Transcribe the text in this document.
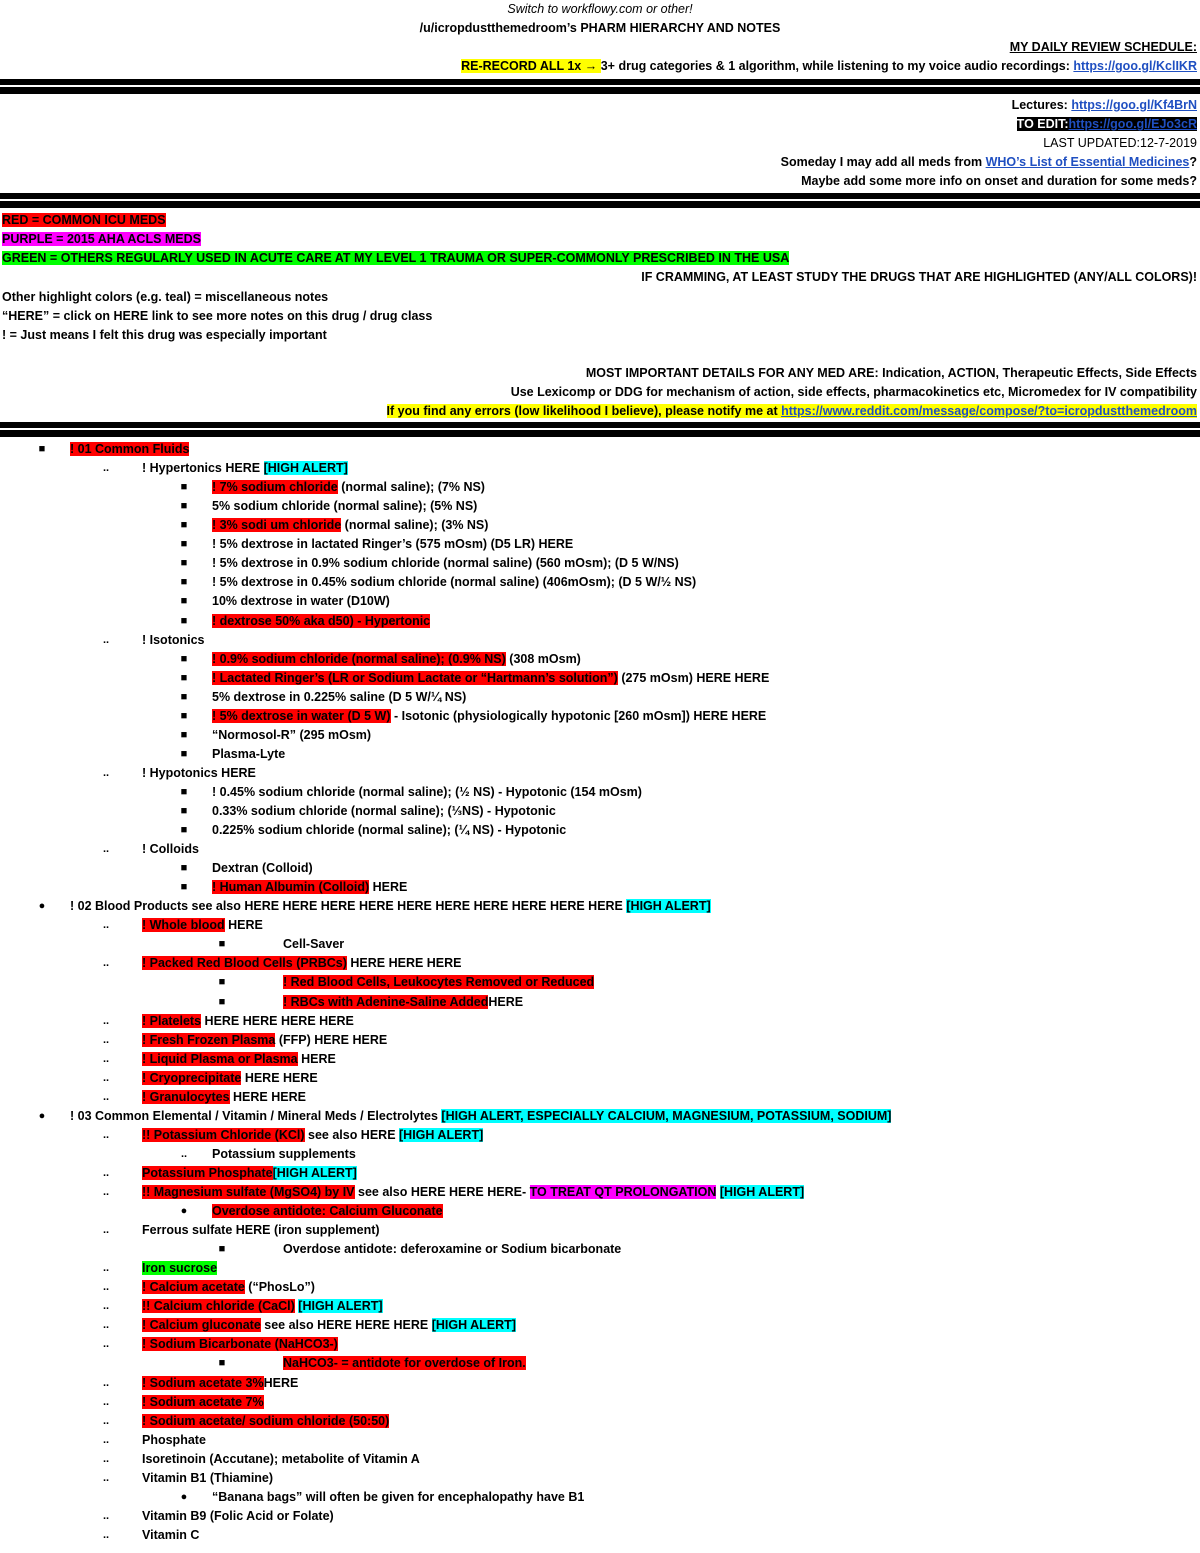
Switch to workflowy.com or other!
/u/icropdustthemedroom’s PHARM HIERARCHY AND NOTES
MY DAILY REVIEW SCHEDULE:
RE-RECORD ALL 1x → 3+ drug categories & 1 algorithm, while listening to my voice audio recordings: https://goo.gl/KclIKR
Lectures: https://goo.gl/Kf4BrN
TO EDIT:https://goo.gl/EJo3cR
LAST UPDATED:12-7-2019
Someday I may add all meds from WHO’s List of Essential Medicines?
Maybe add some more info on onset and duration for some meds?
RED = COMMON ICU MEDS
PURPLE = 2015 AHA ACLS MEDS
GREEN = OTHERS REGULARLY USED IN ACUTE CARE AT MY LEVEL 1 TRAUMA OR SUPER-COMMONLY PRESCRIBED IN THE USA
IF CRAMMING, AT LEAST STUDY THE DRUGS THAT ARE HIGHLIGHTED (ANY/ALL COLORS)!
Other highlight colors (e.g. teal) = miscellaneous notes
“HERE” = click on HERE link to see more notes on this drug / drug class
! = Just means I felt this drug was especially important
MOST IMPORTANT DETAILS FOR ANY MED ARE: Indication, ACTION, Therapeutic Effects, Side Effects
Use Lexicomp or DDG for mechanism of action, side effects, pharmacokinetics etc, Micromedex for IV compatibility
If you find any errors (low likelihood I believe), please notify me at https://www.reddit.com/message/compose/?to=icropdustthemedroom
■ ! 01 Common Fluids
..	! Hypertonics HERE [HIGH ALERT]
■ ! 7% sodium chloride (normal saline); (7% NS)
■ 5% sodium chloride (normal saline); (5% NS)
■ ! 3% sodi um chloride (normal saline); (3% NS)
■ ! 5% dextrose in lactated Ringer’s (575 mOsm) (D5 LR) HERE
■ ! 5% dextrose in 0.9% sodium chloride (normal saline) (560 mOsm); (D 5 W/NS)
■ ! 5% dextrose in 0.45% sodium chloride (normal saline) (406mOsm); (D 5 W/½ NS)
■ 10% dextrose in water (D10W)
■ ! dextrose 50% aka d50) - Hypertonic
..	! Isotonics
■ ! 0.9% sodium chloride (normal saline); (0.9% NS) (308 mOsm)
■ ! Lactated Ringer’s (LR or Sodium Lactate or “Hartmann’s solution”) (275 mOsm) HERE HERE
■ 5% dextrose in 0.225% saline (D 5 W/¼ NS)
■ ! 5% dextrose in water (D 5 W) - Isotonic (physiologically hypotonic [260 mOsm]) HERE HERE
■ “Normosol-R” (295 mOsm)
■ Plasma-Lyte
..	! Hypotonics HERE
■ ! 0.45% sodium chloride (normal saline); (½ NS) - Hypotonic (154 mOsm)
■ 0.33% sodium chloride (normal saline); (⅓NS) - Hypotonic
■ 0.225% sodium chloride (normal saline); (¼ NS) - Hypotonic
..	! Colloids
■ Dextran (Colloid)
■ ! Human Albumin (Colloid) HERE
● ! 02 Blood Products see also HERE HERE HERE HERE HERE HERE HERE HERE HERE HERE [HIGH ALERT]
..	! Whole blood HERE
■	Cell-Saver
..	! Packed Red Blood Cells (PRBCs) HERE HERE HERE
■	! Red Blood Cells, Leukocytes Removed or Reduced
■	! RBCs with Adenine-Saline AddedHERE
..	! Platelets HERE HERE HERE HERE
..	! Fresh Frozen Plasma (FFP) HERE HERE
..	! Liquid Plasma or Plasma HERE
..	! Cryoprecipitate HERE HERE
..	! Granulocytes HERE HERE
● ! 03 Common Elemental / Vitamin / Mineral Meds / Electrolytes [HIGH ALERT, ESPECIALLY CALCIUM, MAGNESIUM, POTASSIUM, SODIUM]
..	!! Potassium Chloride (KCl) see also HERE [HIGH ALERT]
.. Potassium supplements
..	Potassium Phosphate[HIGH ALERT]
..	!! Magnesium sulfate (MgSO4) by IV see also HERE HERE HERE- TO TREAT QT PROLONGATION [HIGH ALERT]
● Overdose antidote: Calcium Gluconate
..	Ferrous sulfate HERE (iron supplement)
■	Overdose antidote: deferoxamine or Sodium bicarbonate
..	Iron sucrose
..	! Calcium acetate (“PhosLo”)
..	!! Calcium chloride (CaCl) [HIGH ALERT]
..	! Calcium gluconate see also HERE HERE HERE [HIGH ALERT]
..	! Sodium Bicarbonate (NaHCO3-)
■	NaHCO3- = antidote for overdose of Iron.
..	! Sodium acetate 3%HERE
..	! Sodium acetate 7%
..	! Sodium acetate/ sodium chloride (50:50)
..	Phosphate
..	Isoretinoin (Accutane); metabolite of Vitamin A
..	Vitamin B1 (Thiamine)
● “Banana bags” will often be given for encephalopathy have B1
..	Vitamin B9 (Folic Acid or Folate)
..	Vitamin C
